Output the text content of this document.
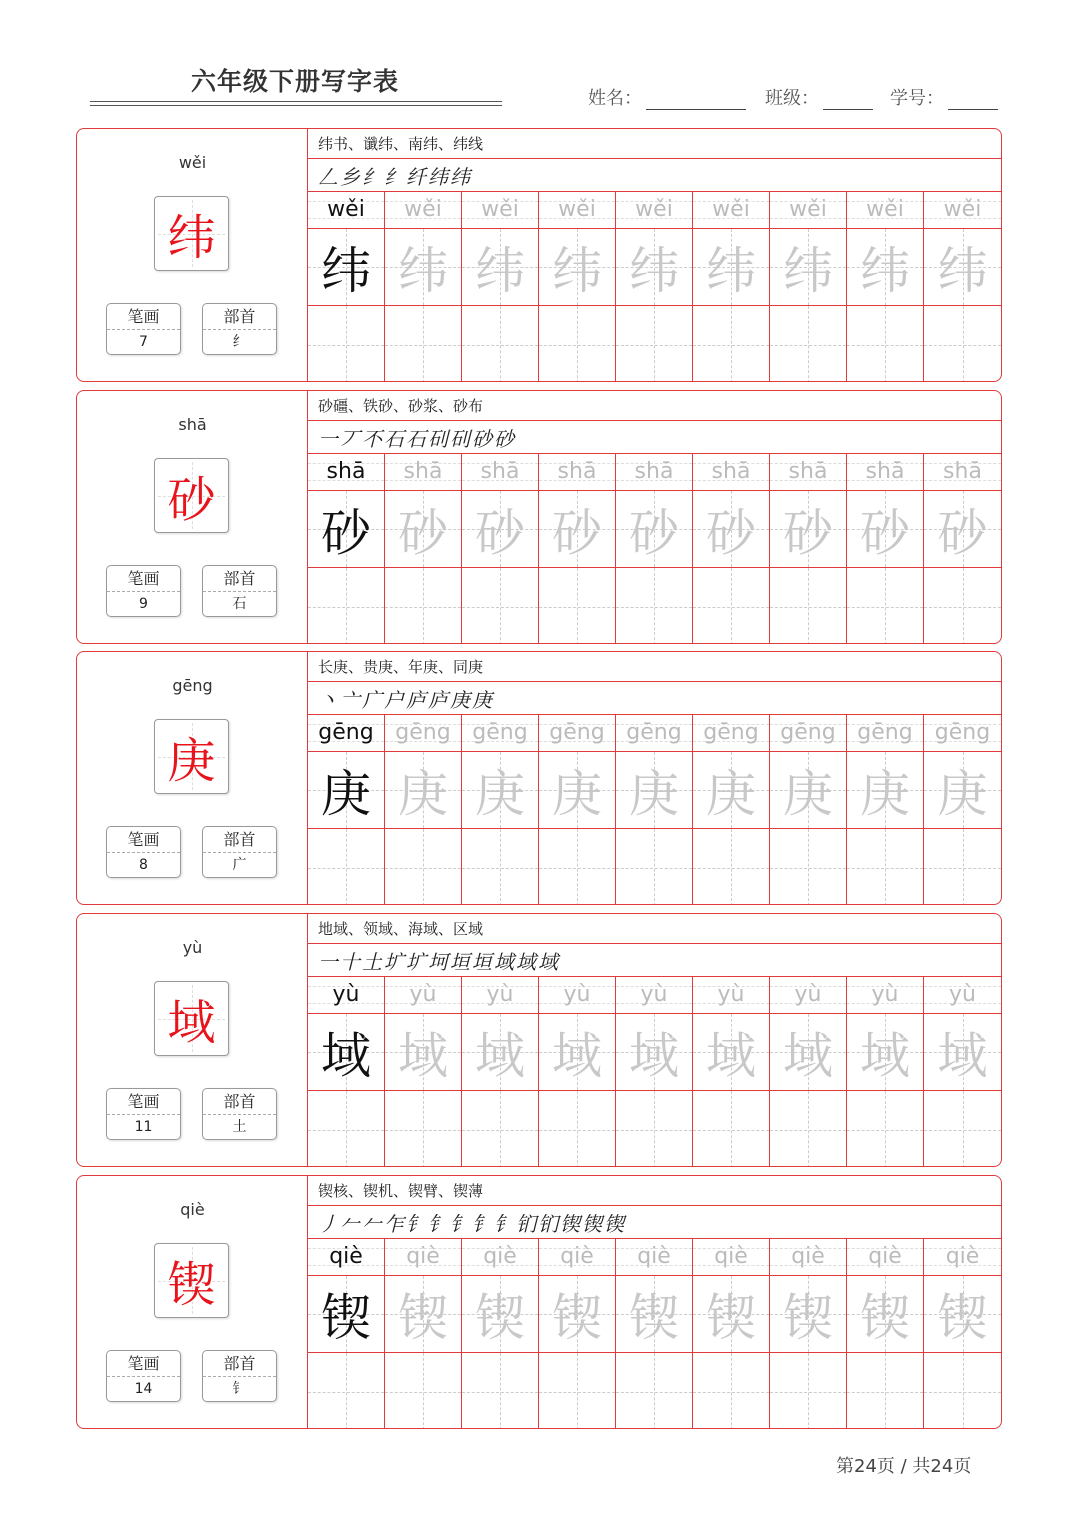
六年级下册写字表
姓名：	班级：	学号：
wěi
纬
笔画
7
部首
纟
纬书、谶纬、南纬、纬线
𠃋 乡 纟 纟 纤 纬 纬
wěi
纬
wěi
纬
wěi
纬
wěi
纬
wěi
纬
wěi
纬
wěi
纬
wěi
纬
wěi
纬
shā
砂
笔画
9
部首
石
砂礓、铁砂、砂浆、砂布
一 丆 不 石 石 矵 矵 砂 砂
shā
砂
shā
砂
shā
砂
shā
砂
shā
砂
shā
砂
shā
砂
shā
砂
shā
砂
gēng
庚
笔画
8
部首
广
长庚、贵庚、年庚、同庚
丶 亠 广 户 庐 庐 庚 庚
gēng
庚
gēng
庚
gēng
庚
gēng
庚
gēng
庚
gēng
庚
gēng
庚
gēng
庚
gēng
庚
yù
域
笔画
11
部首
土
地域、领域、海域、区域
一 十 土 圹 圹 坷 垣 垣 域 域 域
yù
域
yù
域
yù
域
yù
域
yù
域
yù
域
yù
域
yù
域
yù
域
qiè
锲
笔画
14
部首
钅
锲核、锲机、锲臂、锲薄
丿 𠂉 𠂉 乍 钅 钅 钅 钅 钅 钔 钔 锲 锲 锲
qiè
锲
qiè
锲
qiè
锲
qiè
锲
qiè
锲
qiè
锲
qiè
锲
qiè
锲
qiè
锲
第24页 / 共24页
